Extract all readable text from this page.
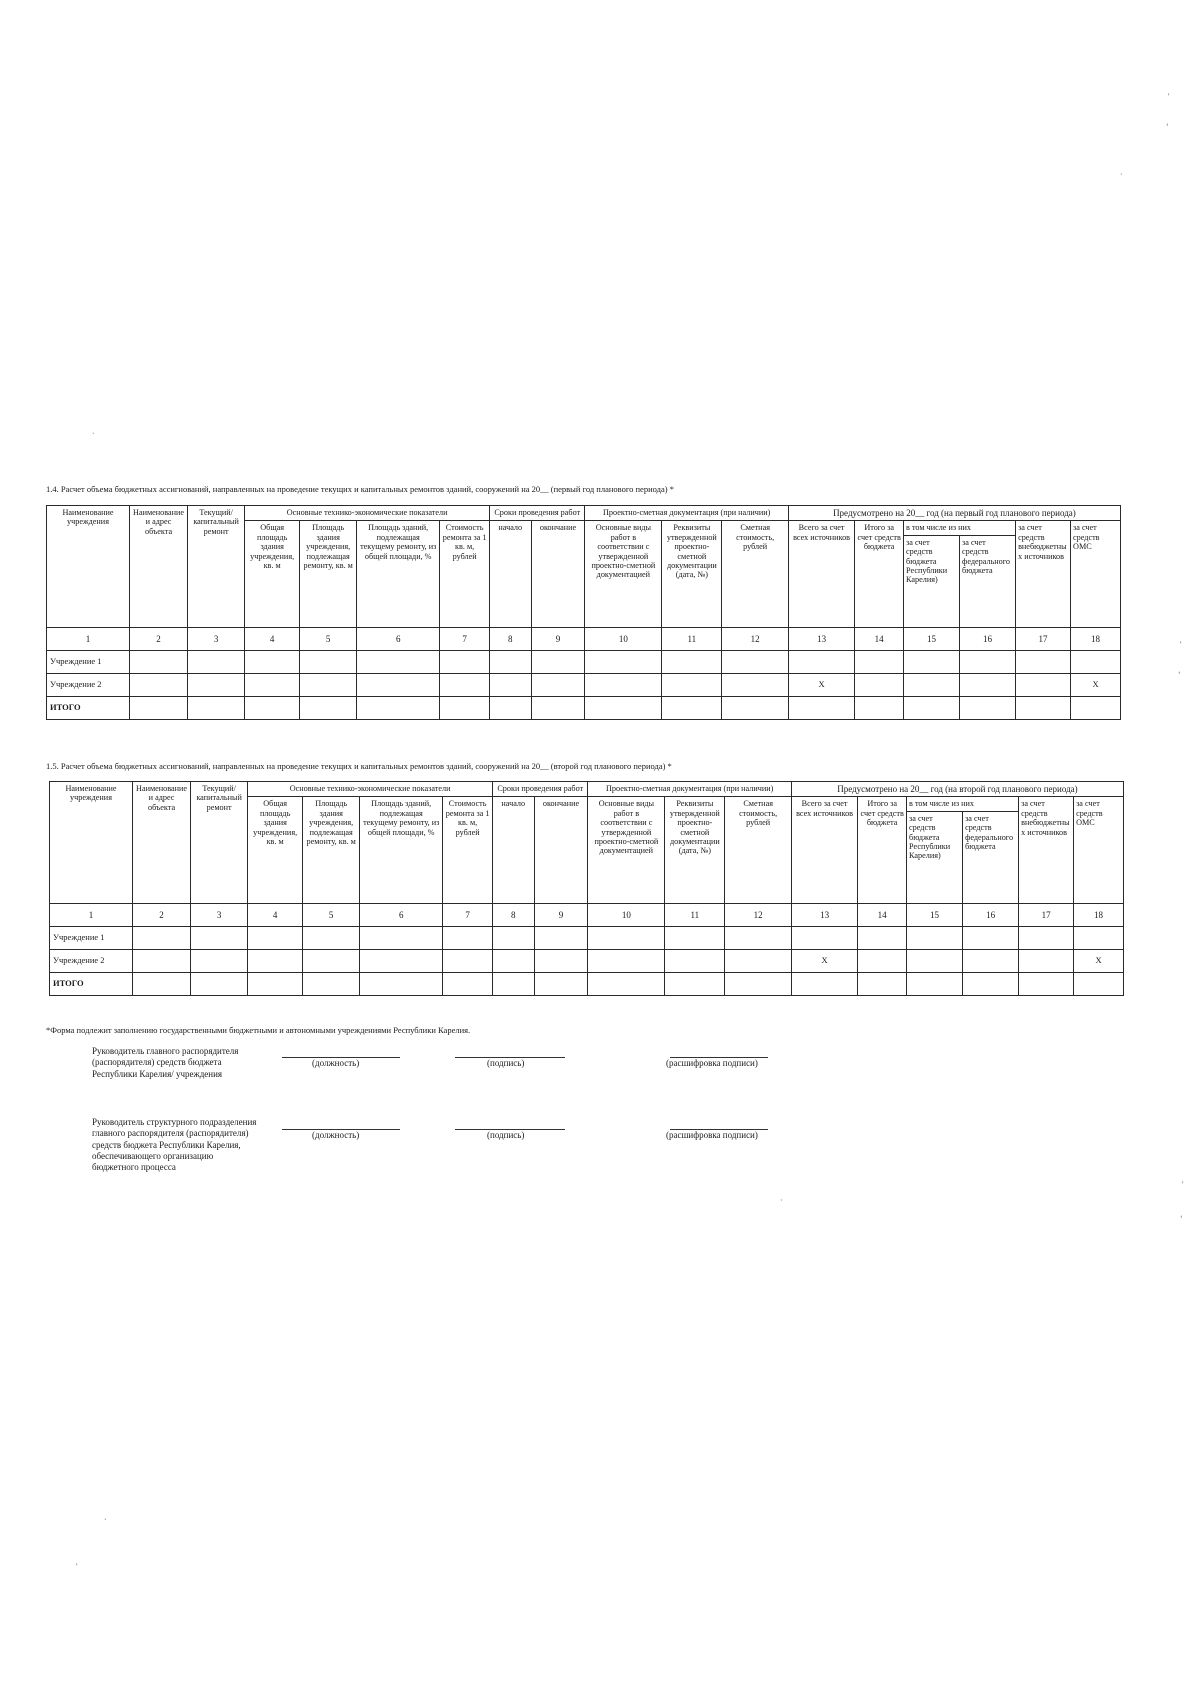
1.4. Расчет объема бюджетных ассигнований, направленных на проведение текущих и капитальных ремонтов зданий, сооружений на 20__ (первый год планового периода) *
Наименование учреждения	Наименование и адрес объекта	Текущий/ капитальный ремонт	Основные технико-экономические показатели				Сроки проведения работ		Проектно-сметная документация (при наличии)			Предусмотрено на 20__ год (на первый год планового периода)					
			Общая площадь здания учреждения, кв. м	Площадь здания учреждения, подлежащая ремонту, кв. м	Площадь зданий, подлежащая текущему ремонту, из общей площади, %	Стоимость ремонта за 1 кв. м, рублей	начало	окончание	Основные виды работ в соответствии с утвержденной проектно-сметной документацией	Реквизиты утвержденной проектно-сметной документации (дата, №)	Сметная стоимость, рублей	Всего за счет всех источников	Итого за счет средств бюджета	в том числе из них		за счет средств внебюджетных источников	за счет средств ОМС
														за счет средств бюджета Республики Карелия)	за счет средств федерального бюджета		
1	2	3	4	5	6	7	8	9	10	11	12	13	14	15	16	17	18
Учреждение 1																	
Учреждение 2												X					X
ИТОГО																	
1.5. Расчет объема бюджетных ассигнований, направленных на проведение текущих и капитальных ремонтов зданий, сооружений на 20__ (второй год планового периода) *
Наименование учреждения	Наименование и адрес объекта	Текущий/ капитальный ремонт	Основные технико-экономические показатели				Сроки проведения работ		Проектно-сметная документация (при наличии)			Предусмотрено на 20__ год (на второй год планового периода)					
			Общая площадь здания учреждения, кв. м	Площадь здания учреждения, подлежащая ремонту, кв. м	Площадь зданий, подлежащая текущему ремонту, из общей площади, %	Стоимость ремонта за 1 кв. м, рублей	начало	окончание	Основные виды работ в соответствии с утвержденной проектно-сметной документацией	Реквизиты утвержденной проектно-сметной документации (дата, №)	Сметная стоимость, рублей	Всего за счет всех источников	Итого за счет средств бюджета	в том числе из них		за счет средств внебюджетных источников	за счет средств ОМС
														за счет средств бюджета Республики Карелия)	за счет средств федерального бюджета		
1	2	3	4	5	6	7	8	9	10	11	12	13	14	15	16	17	18
Учреждение 1																	
Учреждение 2												X					X
ИТОГО																	
*Форма подлежит заполнению государственными бюджетными и автономными учреждениями Республики Карелия.
Руководитель главного распорядителя (распорядителя) средств бюджета Республики Карелия/ учреждения
(должность)	(подпись)	(расшифровка подписи)
Руководитель структурного подразделения главного распорядителя (распорядителя) средств бюджета Республики Карелия, обеспечивающего организацию бюджетного процесса
(должность)	(подпись)	(расшифровка подписи)
'
ʻ
·
ˏ
'
ʻ
·
'
ʻ
ˏ
'
